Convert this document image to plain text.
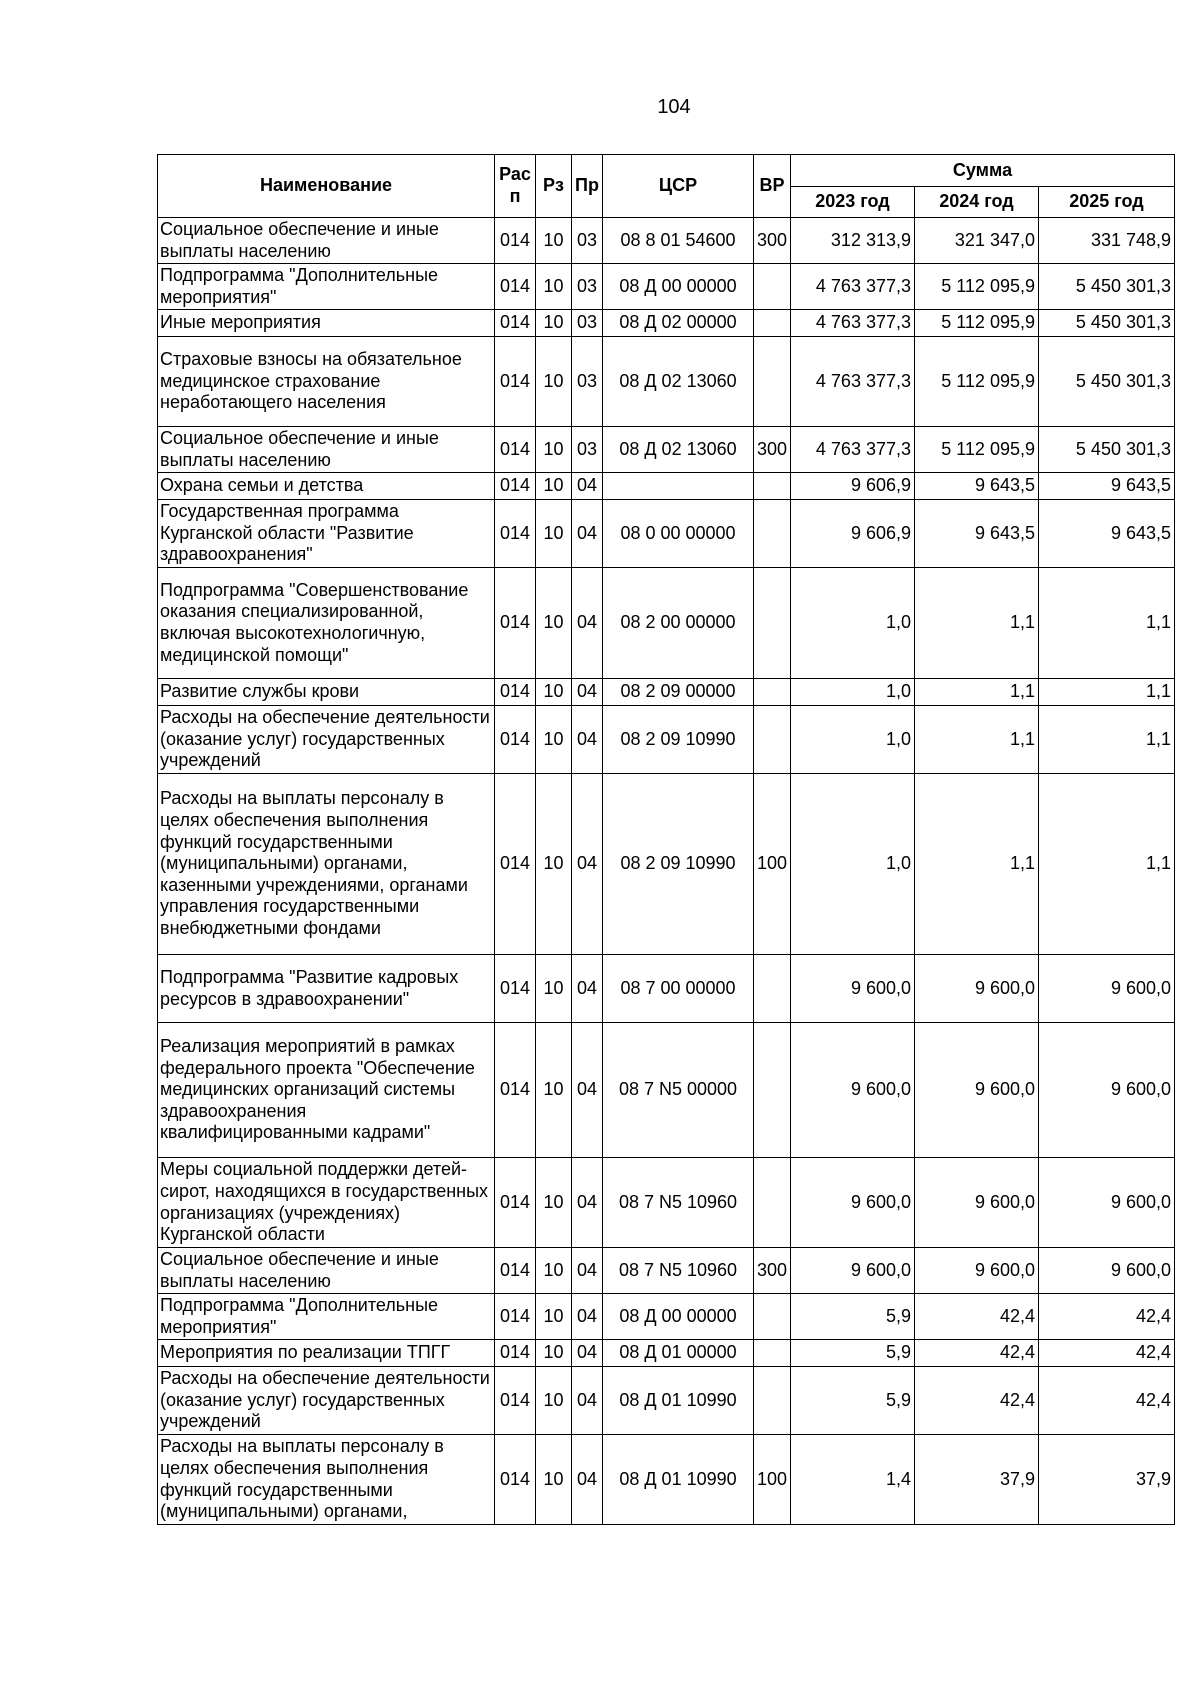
104
Наименование	Рас п	Рз	Пр	ЦСР	ВР	Сумма		
						2023 год	2024 год	2025 год
Социальное обеспечение и иные выплаты населению	014	10	03	08 8 01 54600	300	312 313,9	321 347,0	331 748,9
Подпрограмма "Дополнительные мероприятия"	014	10	03	08 Д 00 00000		4 763 377,3	5 112 095,9	5 450 301,3
Иные мероприятия	014	10	03	08 Д 02 00000		4 763 377,3	5 112 095,9	5 450 301,3
Страховые взносы на обязательное медицинское страхование неработающего населения	014	10	03	08 Д 02 13060		4 763 377,3	5 112 095,9	5 450 301,3
Социальное обеспечение и иные выплаты населению	014	10	03	08 Д 02 13060	300	4 763 377,3	5 112 095,9	5 450 301,3
Охрана семьи и детства	014	10	04			9 606,9	9 643,5	9 643,5
Государственная программа Курганской области "Развитие здравоохранения"	014	10	04	08 0 00 00000		9 606,9	9 643,5	9 643,5
Подпрограмма "Совершенствование оказания специализированной, включая высокотехнологичную, медицинской помощи"	014	10	04	08 2 00 00000		1,0	1,1	1,1
Развитие службы крови	014	10	04	08 2 09 00000		1,0	1,1	1,1
Расходы на обеспечение деятельности (оказание услуг) государственных учреждений	014	10	04	08 2 09 10990		1,0	1,1	1,1
Расходы на выплаты персоналу в целях обеспечения выполнения функций государственными (муниципальными) органами, казенными учреждениями, органами управления государственными внебюджетными фондами	014	10	04	08 2 09 10990	100	1,0	1,1	1,1
Подпрограмма "Развитие кадровых ресурсов в здравоохранении"	014	10	04	08 7 00 00000		9 600,0	9 600,0	9 600,0
Реализация мероприятий в рамках федерального проекта "Обеспечение медицинских организаций системы здравоохранения квалифицированными кадрами"	014	10	04	08 7 N5 00000		9 600,0	9 600,0	9 600,0
Меры социальной поддержки детей-сирот, находящихся в государственных организациях (учреждениях) Курганской области	014	10	04	08 7 N5 10960		9 600,0	9 600,0	9 600,0
Социальное обеспечение и иные выплаты населению	014	10	04	08 7 N5 10960	300	9 600,0	9 600,0	9 600,0
Подпрограмма "Дополнительные мероприятия"	014	10	04	08 Д 00 00000		5,9	42,4	42,4
Мероприятия по реализации ТПГГ	014	10	04	08 Д 01 00000		5,9	42,4	42,4
Расходы на обеспечение деятельности (оказание услуг) государственных учреждений	014	10	04	08 Д 01 10990		5,9	42,4	42,4
Расходы на выплаты персоналу в целях обеспечения выполнения функций государственными (муниципальными) органами,	014	10	04	08 Д 01 10990	100	1,4	37,9	37,9
